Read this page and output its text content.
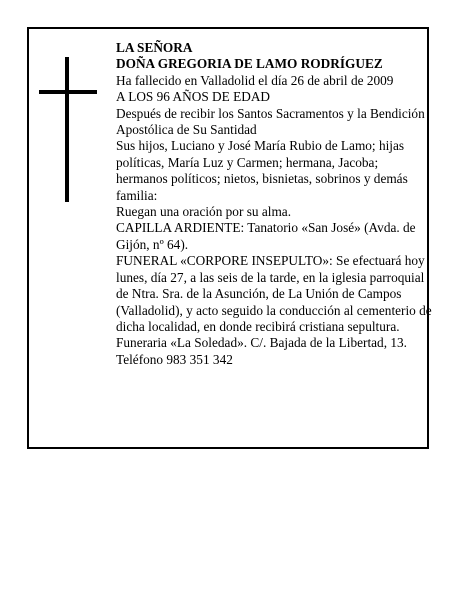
LA SEÑORA

DOÑA GREGORIA DE LAMO RODRÍGUEZ

Ha fallecido en Valladolid el día 26 de abril de 2009

A LOS 96 AÑOS DE EDAD

Después de recibir los Santos Sacramentos y la Bendición Apostólica de Su Santidad

Sus hijos, Luciano y José María Rubio de Lamo; hijas políticas, María Luz y Carmen; hermana, Jacoba; hermanos políticos; nietos, bisnietas, sobrinos y demás familia:

Ruegan una oración por su alma.

CAPILLA ARDIENTE: Tanatorio «San José» (Avda. de Gijón, nº 64).

FUNERAL «CORPORE INSEPULTO»: Se efectuará hoy lunes, día 27, a las seis de la tarde, en la iglesia parroquial de Ntra. Sra. de la Asunción, de La Unión de Campos (Valladolid), y acto seguido la conducción al cementerio de dicha localidad, en donde recibirá cristiana sepultura.

Funeraria «La Soledad». C/. Bajada de la Libertad, 13. Teléfono 983 351 342
